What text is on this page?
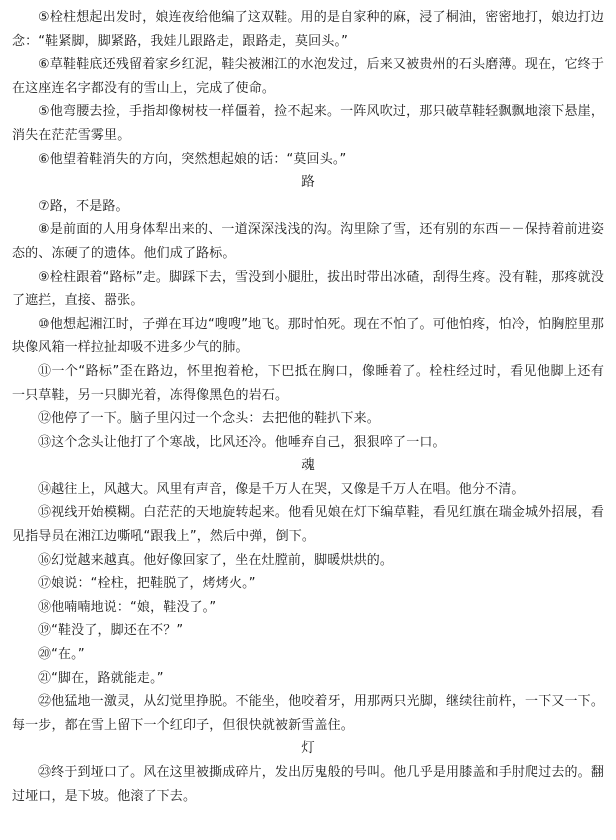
⑤栓柱想起出发时，娘连夜给他编了这双鞋。用的是自家种的麻，浸了桐油，密密地打，娘边打边念：“鞋紧脚，脚紧路，我娃儿跟路走，跟路走，莫回头。”

⑥草鞋鞋底还残留着家乡红泥，鞋尖被湘江的水泡发过，后来又被贵州的石头磨薄。现在，它终于在这座连名字都没有的雪山上，完成了使命。

⑤他弯腰去捡，手指却像树枝一样僵着，捡不起来。一阵风吹过，那只破草鞋轻飘飘地滚下悬崖，消失在茫茫雪雾里。

⑥他望着鞋消失的方向，突然想起娘的话：“莫回头。”

路

⑦路，不是路。

⑧是前面的人用身体犁出来的、一道深深浅浅的沟。沟里除了雪，还有别的东西－－保持着前进姿态的、冻硬了的遗体。他们成了路标。

⑨栓柱跟着“路标”走。脚踩下去，雪没到小腿肚，拔出时带出冰碴，刮得生疼。没有鞋，那疼就没了遮拦，直接、嚣张。

⑩他想起湘江时，子弹在耳边“嗖嗖”地飞。那时怕死。现在不怕了。可他怕疼，怕冷，怕胸腔里那块像风箱一样拉扯却吸不进多少气的肺。

⑪一个“路标”歪在路边，怀里抱着枪，下巴抵在胸口，像睡着了。栓柱经过时，看见他脚上还有一只草鞋，另一只脚光着，冻得像黑色的岩石。

⑫他停了一下。脑子里闪过一个念头：去把他的鞋扒下来。

⑬这个念头让他打了个寒战，比风还冷。他唾弃自己，狠狠啐了一口。

魂

⑭越往上，风越大。风里有声音，像是千万人在哭，又像是千万人在唱。他分不清。

⑮视线开始模糊。白茫茫的天地旋转起来。他看见娘在灯下编草鞋，看见红旗在瑞金城外招展，看见指导员在湘江边嘶吼“跟我上”，然后中弹，倒下。

⑯幻觉越来越真。他好像回家了，坐在灶膛前，脚暖烘烘的。

⑰娘说：“栓柱，把鞋脱了，烤烤火。”

⑱他喃喃地说：“娘，鞋没了。”

⑲“鞋没了，脚还在不？”

⑳“在。”

㉑“脚在，路就能走。”

㉒他猛地一激灵，从幻觉里挣脱。不能坐，他咬着牙，用那两只光脚，继续往前杵，一下又一下。每一步，都在雪上留下一个红印子，但很快就被新雪盖住。

灯

㉓终于到垭口了。风在这里被撕成碎片，发出厉鬼般的号叫。他几乎是用膝盖和手肘爬过去的。翻过垭口，是下坡。他滚了下去。
